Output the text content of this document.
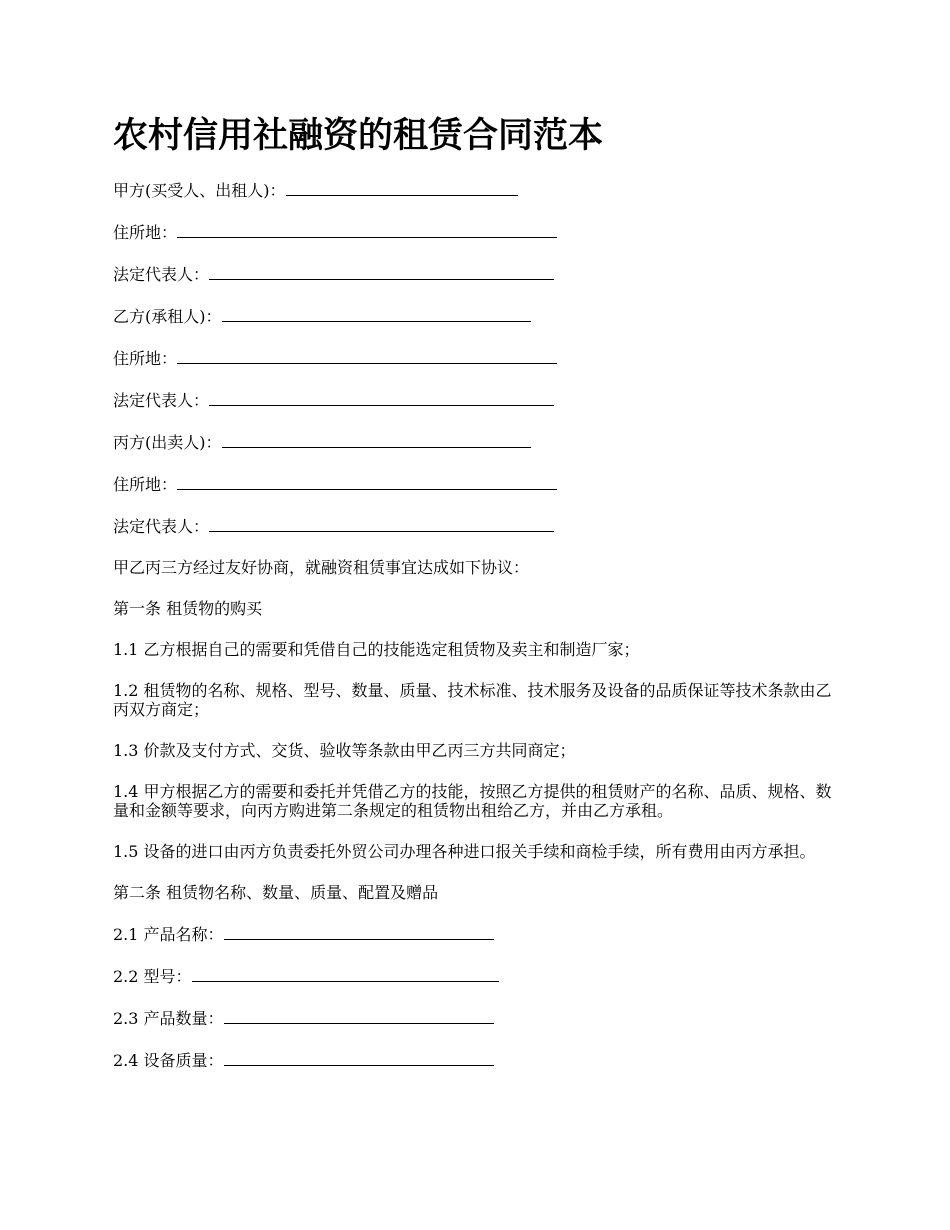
农村信用社融资的租赁合同范本

甲方(买受人、出租人)：

住所地：

法定代表人：

乙方(承租人)：

住所地：

法定代表人：

丙方(出卖人)：

住所地：

法定代表人：

甲乙丙三方经过友好协商，就融资租赁事宜达成如下协议：

第一条 租赁物的购买

1.1 乙方根据自己的需要和凭借自己的技能选定租赁物及卖主和制造厂家；

1.2 租赁物的名称、规格、型号、数量、质量、技术标准、技术服务及设备的品质保证等技术条款由乙丙双方商定；

1.3 价款及支付方式、交货、验收等条款由甲乙丙三方共同商定；

1.4 甲方根据乙方的需要和委托并凭借乙方的技能，按照乙方提供的租赁财产的名称、品质、规格、数量和金额等要求，向丙方购进第二条规定的租赁物出租给乙方，并由乙方承租。

1.5 设备的进口由丙方负责委托外贸公司办理各种进口报关手续和商检手续，所有费用由丙方承担。

第二条 租赁物名称、数量、质量、配置及赠品

2.1 产品名称：

2.2 型号：

2.3 产品数量：

2.4 设备质量：
